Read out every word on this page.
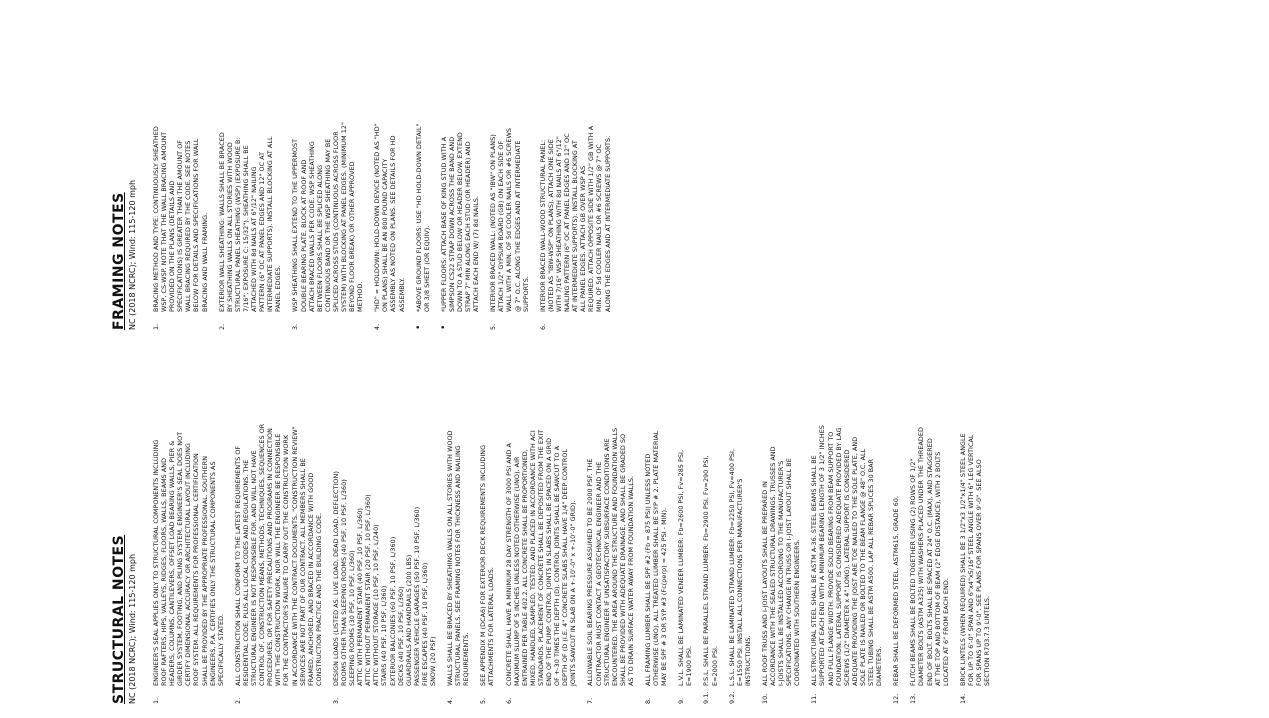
STRUCTURAL NOTES NC (2018 NCRC); Wind: 115-120 mph 1.
ENGINEER'S SEAL APPLIES ONLY TO STRUCTURAL COMPONENTS INCLUDING
ROOF RAFTERS, HIPS, VALLEYS, RIDGES, FLOORS, WALLS, BEAMS AND
HEADERS, COLUMNS, CANTILEVERS, OFFSET LOAD BEARING WALLS, PIER &
GIRDER SYSTEM, FOOTING, AND PILING SYSTEM. ENGINEER'S SEAL DOES NOT
CERTIFY DIMENSIONAL ACCURACY OR ARCHITECTURAL LAYOUT INCLUDING
ROOF SYSTEM. ALL REQUIREMENTS FOR PROFESSIONAL CERTIFICATION
SHALL BE PROVIDED BY THE APPROPRIATE PROFESSIONAL. SOUTHERN
ENGINEERS, P.A. CERTIFIES ONLY THE STRUCTURAL COMPONENTS AS
SPECIFICALLY STATED.
2.
ALL CONSTRUCTION SHALL CONFORM TO THE LATEST REQUIREMENTS OF
RESIDENTIAL CODE, PLUS ALL LOCAL CODES AND REGULATIONS. THE
STRUCTURAL ENGINEER IS NOT RESPONSIBLE FOR, AND WILL NOT HAVE
CONTROL OF, CONSTRUCTION MEANS, METHODS, TECHNIQUES, SEQUENCES OR
PROCEDURES, OR FOR SAFETY PRECAUTIONS AND PROGRAMS IN CONNECTION
WITH THE CONSTRUCTION WORK, NOR WILL THE ENGINEER BE RESPONSIBLE
FOR THE CONTRACTOR'S FAILURE TO CARRY OUT THE CONSTRUCTION WORK
IN ACCORDANCE WITH THE CONTRACT DOCUMENTS. "CONSTRUCTION REVIEW"
SERVICES ARE NOT PART OF OUR CONTRACT. ALL MEMBERS SHALL BE
FRAMED, ANCHORED, AND BRACED IN ACCORDANCE WITH GOOD
CONSTRUCTION PRACTICE AND THE BUILDING CODE.
3.
DESIGN LOADS (LISTED AS: LIVE LOAD, DEAD LOAD, DEFLECTION)
ROOMS OTHER THAN SLEEPING ROOMS (40 PSF, 10 PSF, L/360)
SLEEPING ROOMS (30 PSF, 10 PSF, L/360)
ATTIC WITH PERMANENT STAIR (40 PSF, 10 PSF, L/360)
ATTIC WITHOUT PERMANENT STAIR (20 PSF, 10 PSF, L/360)
ATTIC WITHOUT STORAGE (10 PSF, 10 PSF, L/240)
STAIRS (40 PSF, 10 PSF, L/360)
EXTERIOR BALCONIES (60 PSF, 10 PSF, L/360)
DECKS (40 PSF, 10 PSF, L/360)
GUARDRAILS AND HANDRAILS (200 LBS)
PASSENGER VEHICLE GARAGES (50 PSF, 10 PSF, L/360)
FIRE ESCAPES (40 PSF, 10 PSF, L/360)
SNOW (20 PSF)
4.
WALLS SHALL BE BRACED BY SHEATHING WALLS ON ALL STORIES WITH WOOD
STRUCTURAL PANELS. SEE FRAMING NOTES FOR THICKNESS AND NAILING
REQUIREMENTS.
5.
SEE APPENDIX M (DCA6) FOR EXTERIOR DECK REQUIREMENTS INCLUDING
ATTACHMENTS FOR LATERAL LOADS.
6.
CONCRETE SHALL HAVE A MINIMUM 28 DAY STRENGTH OF 3000 PSI AND A
MAXIMUM SLUMP OF 5 INCHES UNLESS NOTED OTHERWISE (UNO). AIR
ENTRAINED PER TABLE 402.2. ALL CONCRETE SHALL BE PROPORTIONED,
MIXED, HANDLED, SAMPLED, TESTED, AND PLACED IN ACCORDANCE WITH ACI
STANDARDS. PLACEMENT OF CONCRETE SHALL BE DEPOSITED FROM THE EXIT
END OF THE PUMP. CONTROL JOINTS IN SLABS SHALL BE SPACED ON A GRID
OF +-30 TIMES THE DEPTH (D). CONTROL JOINTS SHALL BE SAWCUT TO A
DEPTH OF (D (I.E. 4" CONCRETE SLABS SHALL HAVE 1/4" DEEP CONTROL
JOINTS SAWCUT IN SLAB ON A +-10'-0" x +-10'-0" GRID).
7.
ALLOWABLE SOIL BEARING PRESSURE ASSUMED TO BE 2000 PSF. THE
CONTRACTOR MUST CONTACT A GEOTECHNICAL ENGINEER AND THE
STRUCTURAL ENGINEER IF UNSATISFACTORY SUBSURFACE CONDITIONS ARE
ENCOUNTERED. THE AREA AROUND THE STRUCTURE AND FOUNDATION WALLS
SHALL BE PROVIDED WITH ADEQUATE DRAINAGE, AND SHALL BE GRADED SO
AS TO DRAIN SURFACE WATER AWAY FROM FOUNDATION WALLS.
8.
ALL FRAMING LUMBER SHALL BE SPF #2 (Fb = 875 PSI) UNLESS NOTED
OTHERWISE (UNO). ALL TREATED LUMBER SHALL BE SYP # 2. PLATE MATERIAL
MAY BE SPF # 3 OR SYP #3 (Fc(perp) = 425 PSI - MIN).
9.
L.V.L. SHALL BE LAMINATED VENEER LUMBER: Fb=2600 PSI, Fv=285 PSI,
E=1900 PSI.
9.1.
P.S.L. SHALL BE PARALLEL STRAND LUMBER: Fb=2900 PSI, Fv=290 PSI,
E=2000 PSI.
9.2.
L.S.L. SHALL BE LAMINATED STRAND LUMBER: Fb=2250 PSI, Fv=400 PSI,
E=1550 PSI. INSTALL ALL CONNECTIONS PER MANUFACTURER'S
INSTRUCTIONS.
10.
ALL ROOF TRUSS AND I-JOIST LAYOUTS SHALL BE PREPARED IN
ACCORDANCE WITH THE SEALED STRUCTURAL DRAWINGS. TRUSSES AND
I-JOISTS SHALL BE INSTALLED ACCORDING TO THE MANUFACTURER'S
SPECIFICATIONS. ANY CHANGE IN TRUSS OR I-JOIST LAYOUT SHALL BE
COORDINATED WITH SOUTHERN ENGINEERS.
11.
ALL STRUCTURAL STEEL SHALL BE ASTM A-36. STEEL BEAMS SHALL BE
SUPPORTED AT EACH END WITH A MINIMUM BEARING LENGTH OF 3 1/2" INCHES
AND FULL FLANGE WIDTH. PROVIDE SOLID BEARING FROM BEAM SUPPORT TO
FOUNDATION. LATERAL SUPPORT IS CONSIDERED ADEQUATE PROVIDED BY LAG
SCREWS (1/2" DIAMETER x 4" LONG). LATERAL SUPPORT IS CONSIDERED
ADEQUATE PROVIDING THE JOIST ARE TOE NAILED TO THE SOLE PLATE, AND
SOLE PLATE IS NAILED OR BOLTED TO THE BEAM FLANGE @ 48" O.C. ALL
STEEL TUBING SHALL BE ASTM A500. LAP ALL REBAR SPLICES 30 BAR
DIAMETERS.
12.
REBAR SHALL BE DEFORMED STEEL, ASTM615, GRADE 60.
13.
FLITCH BEAMS SHALL BE BOLTED TOGETHER USING (2) ROWS OF 1/2"
DIAMETER BOLTS (ASTM A325) WITH WASHERS PLACED UNDER THE THREADED
END OF BOLT. BOLTS SHALL BE SPACED AT 24" O.C. (MAX), AND STAGGERED
AT THE TOP AND BOTTOM OF BEAM (2" EDGE DISTANCE), WITH 2 BOLTS
LOCATED AT 6" FROM EACH END.
14.
BRICK LINTELS (WHEN REQUIRED) SHALL BE 3 1/2"x3 1/2"x1/4" STEEL ANGLE
FOR UP TO 6'-0" SPAN AND 6"x4"x5/16" STEEL ANGLE WITH 6" LEG VERTICAL
FOR SPANS UP TO 9'-0". SEE PLANS FOR SPANS OVER 9'-0". SEE ALSO
SECTION R703.7.3 LINTELS.
FRAMING NOTES NC (2018 NCRC); Wind: 115-120 mph 1.
BRACING METHOD AND TYPE: CONTINUOUSLY SHEATHED
WSP, CS-WSP. NOTE THAT THE WALL BRACING AMOUNT
PROVIDED ON THE PLANS (DETAILS AND
SPECIFICATIONS) IS GREATER THAN THE AMOUNT OF
WALL BRACING REQUIRED BY THE CODE. SEE NOTES
BELOW FOR DETAILS AND SPECIFICATIONS FOR WALL
BRACING AND WALL FRAMING.
2.
EXTERIOR WALL SHEATHING: WALLS SHALL BE BRACED
BY SHEATHING WALLS ON ALL STORIES WITH WOOD
STRUCTURAL PANEL SHEATHING (WSP) (EXPOSURE B:
7/16"; EXPOSURE C: 15/32"). SHEATHING SHALL BE
ATTACHED WITH 8d NAILS AT 6"/12" NAILING
PATTERN (6" OC AT PANEL EDGES AND 12" OC AT
INTERMEDIATE SUPPORTS). INSTALL BLOCKING AT ALL
PANEL EDGES.
3.
WSP SHEATHING SHALL EXTEND TO THE UPPERMOST
DOUBLE BEARING PLATE. BLOCK AT ROOF AND
ATTACH BRACED WALLS PER CODE. WSP SHEATHING
BETWEEN FLOORS SHALL BE SPLICED ALONG
CONTINUOUS BAND OR THE WSP SHEATHING MAY BE
SPLICED ACROSS STUDS (CONTINUOUS ACROSS FLOOR
SYSTEM) WITH BLOCKING AT PANEL EDGES. (MINIMUM 12"
BEYOND FLOOR BREAK) OR OTHER APPROVED
METHOD.
4.
"HD" = HOLDOWN: HOLD-DOWN DEVICE (NOTED AS "HD"
ON PLANS) SHALL BE AN 800 POUND CAPACITY
ASSEMBLY AS NOTED ON PLANS. SEE DETAILS FOR HD
ASSEMBLY.
•
*ABOVE GROUND FLOORS: USE "HD HOLD-DOWN DETAIL"
OR 3/8 SHEET (OR EQUIV).
•
*UPPER FLOORS: ATTACH BASE OF KING STUD WITH A
SIMPSON CS22 STRAP DOWN ACROSS THE BAND AND
DOWN TO A STUD BELOW OR HEADER BELOW. EXTEND
STRAP 7" MIN ALONG EACH STUD (OR HEADER) AND
ATTACH EACH END W/ (7) 8d NAILS.
5.
INTERIOR BRACED WALL: (NOTED AS "IBW" ON PLANS)
ATTACH 1/2" GYPSUM BOARD (GB) ON EACH SIDE OF
WALL WITH A MIN. OF 5d COOLER NAILS OR #6 SCREWS
@ 7" O.C. ALONG THE EDGES AND AT INTERMEDIATE
SUPPORTS.
6.
INTERIOR BRACED WALL-WOOD STRUCTURAL PANEL:
(NOTED AS "IBW-WSP" ON PLANS). ATTACH ONE SIDE
WITH 7/16" WSP SHEATHING WITH 8d NAILS AT 6"/12"
NAILING PATTERN (6" OC AT PANEL EDGES AND 12" OC
AT INTERMEDIATE SUPPORTS). INSTALL BLOCKING AT
ALL PANEL EDGES. ATTACH GB OVER WSP AS
REQUIRED. ATTACH OPPOSITE SIDE WITH 1/2" GB WITH A
MIN. OF 5d COOLER NAILS OR #6 SCREWS @ 7" OC
ALONG THE EDGES AND AT INTERMEDIATE SUPPORTS.
